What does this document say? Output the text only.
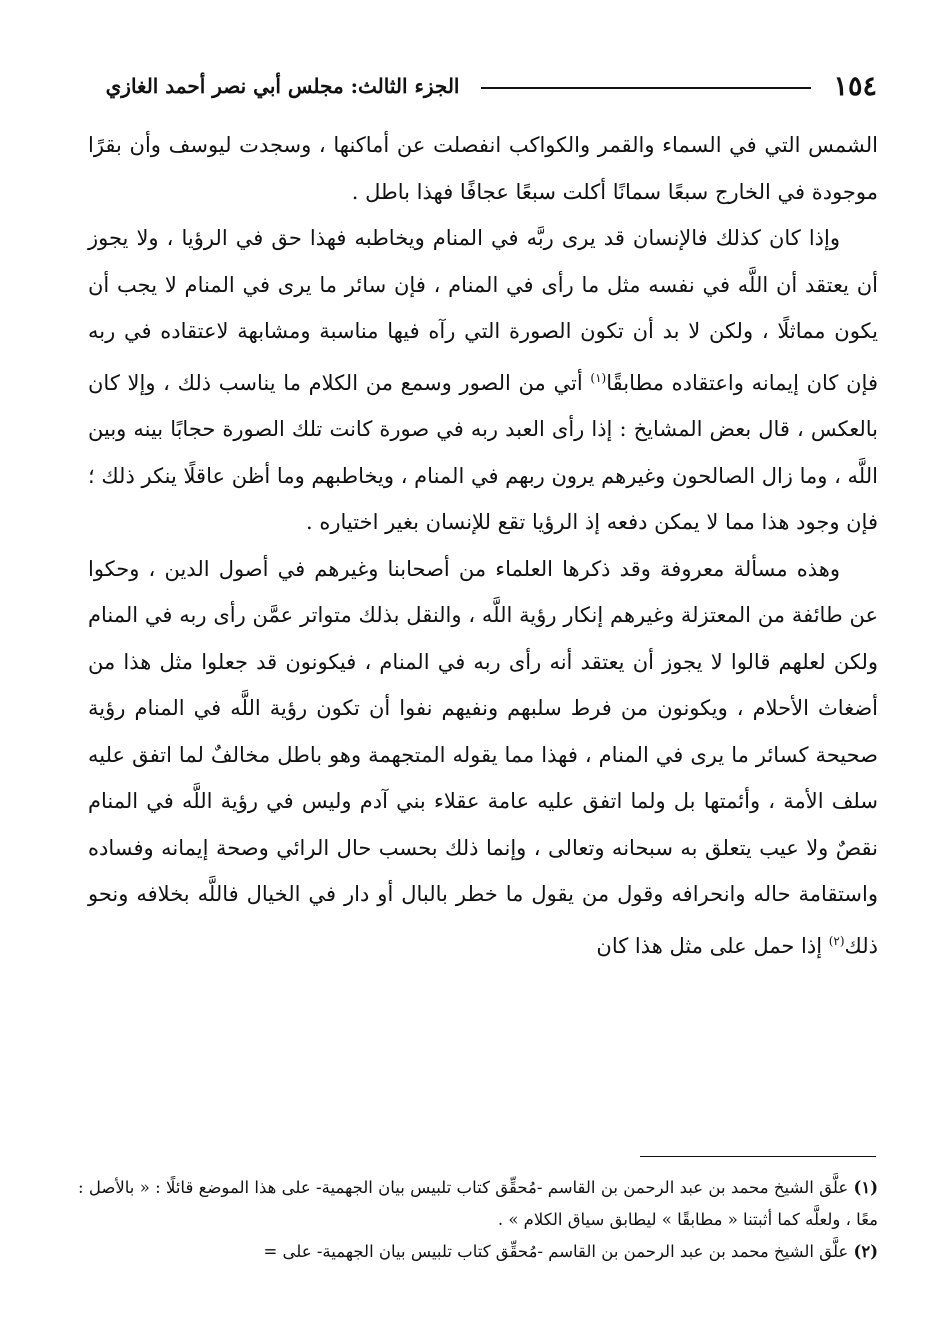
١٥٤
الجزء الثالث: مجلس أبي نصر أحمد الغازي

الشمس التي في السماء والقمر والكواكب انفصلت عن أماكنها ، وسجدت ليوسف وأن بقرًا موجودة في الخارج سبعًا سمانًا أكلت سبعًا عجافًا فهذا باطل .

وإذا كان كذلك فالإنسان قد يرى ربَّه في المنام ويخاطبه فهذا حق في الرؤيا ، ولا يجوز أن يعتقد أن اللَّه في نفسه مثل ما رأى في المنام ، فإن سائر ما يرى في المنام لا يجب أن يكون مماثلًا ، ولكن لا بد أن تكون الصورة التي رآه فيها مناسبة ومشابهة لاعتقاده في ربه فإن كان إيمانه واعتقاده مطابقًا$^{(١)}$ أتي من الصور وسمع من الكلام ما يناسب ذلك ، وإلا كان بالعكس ، قال بعض المشايخ : إذا رأى العبد ربه في صورة كانت تلك الصورة حجابًا بينه وبين اللَّه ، وما زال الصالحون وغيرهم يرون ربهم في المنام ، ويخاطبهم وما أظن عاقلًا ينكر ذلك ؛ فإن وجود هذا مما لا يمكن دفعه إذ الرؤيا تقع للإنسان بغير اختياره .

وهذه مسألة معروفة وقد ذكرها العلماء من أصحابنا وغيرهم في أصول الدين ، وحكوا عن طائفة من المعتزلة وغيرهم إنكار رؤية اللَّه ، والنقل بذلك متواتر عمَّن رأى ربه في المنام ولكن لعلهم قالوا لا يجوز أن يعتقد أنه رأى ربه في المنام ، فيكونون قد جعلوا مثل هذا من أضغاث الأحلام ، ويكونون من فرط سلبهم ونفيهم نفوا أن تكون رؤية اللَّه في المنام رؤية صحيحة كسائر ما يرى في المنام ، فهذا مما يقوله المتجهمة وهو باطل مخالفٌ لما اتفق عليه سلف الأمة ، وأئمتها بل ولما اتفق عليه عامة عقلاء بني آدم وليس في رؤية اللَّه في المنام نقصٌ ولا عيب يتعلق به سبحانه وتعالى ، وإنما ذلك بحسب حال الرائي وصحة إيمانه وفساده واستقامة حاله وانحرافه وقول من يقول ما خطر بالبال أو دار في الخيال فاللَّه بخلافه ونحو ذلك$^{(٢)}$ إذا حمل على مثل هذا كان

(١) علَّق الشيخ محمد بن عبد الرحمن بن القاسم -مُحقِّق كتاب تلبيس بيان الجهمية- على هذا الموضع قائلًا : « بالأصل : معًا ، ولعلَّه كما أثبتنا « مطابقًا » ليطابق سياق الكلام » .

(٢) علَّق الشيخ محمد بن عبد الرحمن بن القاسم -مُحقِّق كتاب تلبيس بيان الجهمية- على =
